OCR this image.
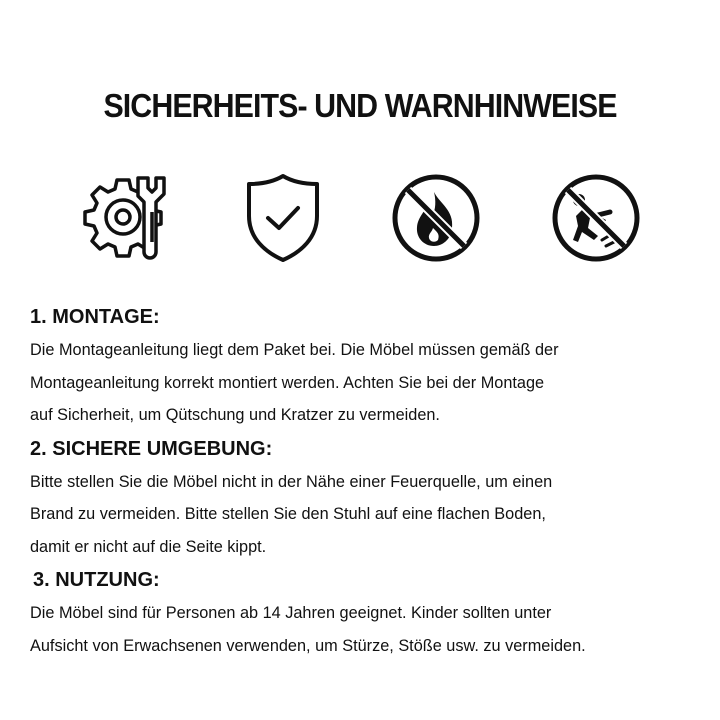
SICHERHEITS- UND WARNHINWEISE

1. MONTAGE:

Die Montageanleitung liegt dem Paket bei. Die Möbel müssen gemäß der

Montageanleitung korrekt montiert werden. Achten Sie bei der Montage

auf Sicherheit, um Qütschung und Kratzer zu vermeiden.

2. SICHERE UMGEBUNG:

Bitte stellen Sie die Möbel nicht in der Nähe einer Feuerquelle, um einen

Brand zu vermeiden. Bitte stellen Sie den Stuhl auf eine flachen Boden,

damit er nicht auf die Seite kippt.

3. NUTZUNG:

Die Möbel sind für Personen ab 14 Jahren geeignet. Kinder sollten unter

Aufsicht von Erwachsenen verwenden, um Stürze, Stöße usw. zu vermeiden.
